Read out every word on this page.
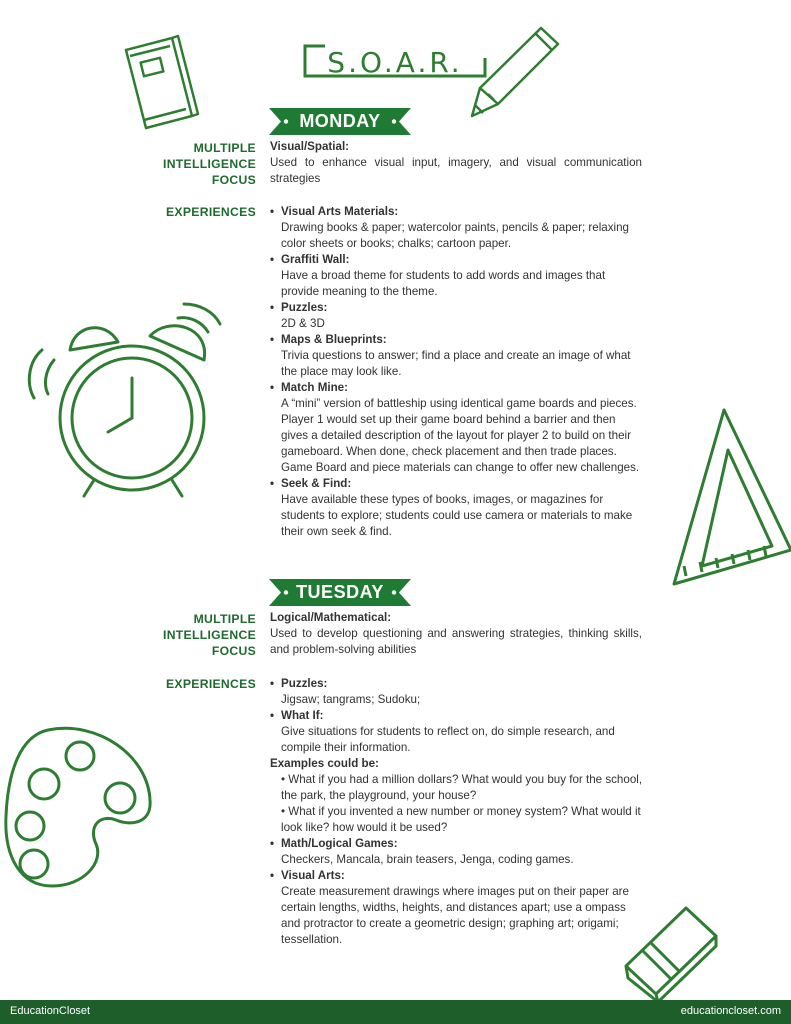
S.O.A.R.
MONDAY
MULTIPLE
INTELLIGENCE
FOCUS
Visual/Spatial:
Used to enhance visual input, imagery, and visual communication strategies
EXPERIENCES • Visual Arts Materials:
Drawing books & paper; watercolor paints, pencils & paper; relaxing color sheets or books; chalks; cartoon paper.
• Graffiti Wall:
Have a broad theme for students to add words and images that provide meaning to the theme.
• Puzzles:
2D & 3D
• Maps & Blueprints:
Trivia questions to answer; find a place and create an image of what the place may look like.
• Match Mine:
A “mini” version of battleship using identical game boards and pieces. Player 1 would set up their game board behind a barrier and then gives a detailed description of the layout for player 2 to build on their gameboard. When done, check placement and then trade places. Game Board and piece materials can change to offer new challenges.
• Seek & Find:
Have available these types of books, images, or magazines for students to explore; students could use camera or materials to make their own seek & find.
TUESDAY
MULTIPLE
INTELLIGENCE
FOCUS
Logical/Mathematical:
Used to develop questioning and answering strategies, thinking skills, and problem-solving abilities
EXPERIENCES • Puzzles:
Jigsaw; tangrams; Sudoku;
• What If:
Give situations for students to reflect on, do simple research, and compile their information.
Examples could be:
• What if you had a million dollars? What would you buy for the school, the park, the playground, your house?
• What if you invented a new number or money system? What would it look like? how would it be used?
• Math/Logical Games:
Checkers, Mancala, brain teasers, Jenga, coding games.
• Visual Arts:
Create measurement drawings where images put on their paper are certain lengths, widths, heights, and distances apart; use a ompass and protractor to create a geometric design; graphing art; origami; tessellation.
EducationCloset	educationcloset.com
